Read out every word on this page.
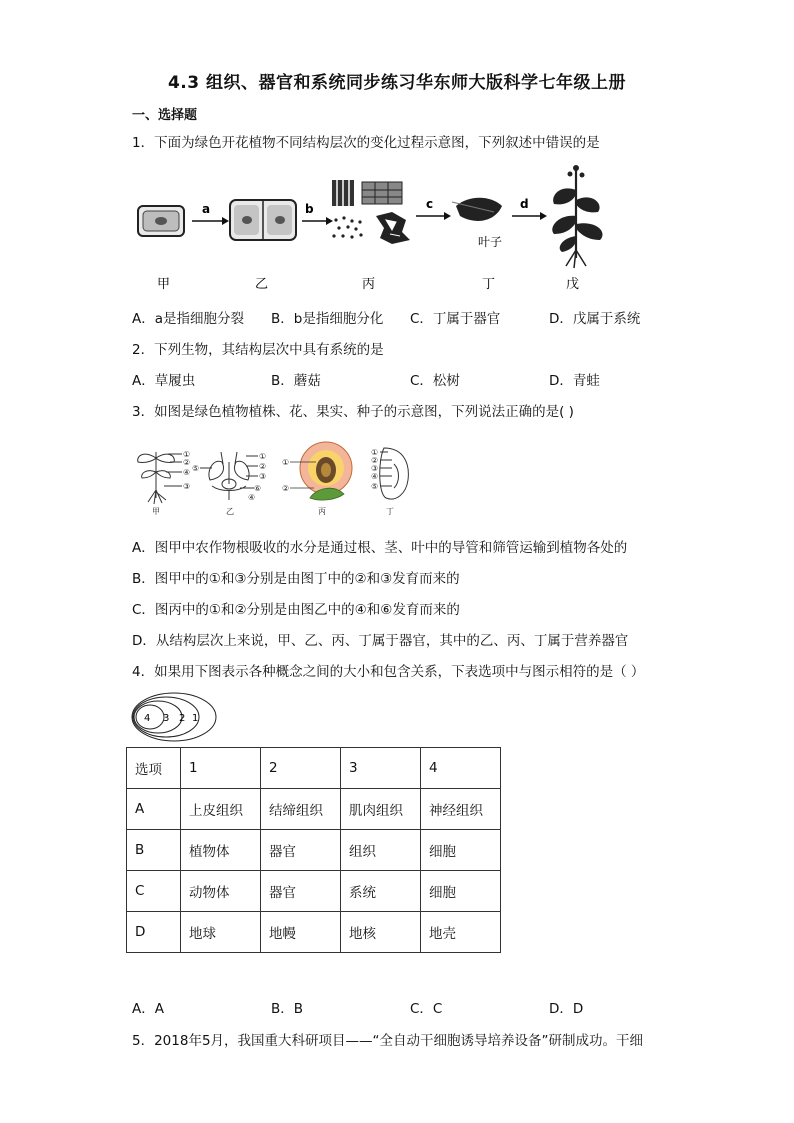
4.3 组织、器官和系统同步练习华东师大版科学七年级上册
一、选择题
1．下面为绿色开花植物不同结构层次的变化过程示意图，下列叙述中错误的是
a	b	c
叶子
d
甲	乙	丙	丁	戊
A．a是指细胞分裂 B．b是指细胞分化 C．丁属于器官	D．戊属于系统
2．下列生物，其结构层次中具有系统的是
A．草履虫	B．蘑菇	C．松树	D．青蛙
3．如图是绿色植物植株、花、果实、种子的示意图，下列说法正确的是( )
①
②
④
③
⑤
①
②
③
⑥
④
①
②
①
②
③
④
⑤
甲	乙	丙	丁
A．图甲中农作物根吸收的水分是通过根、茎、叶中的导管和筛管运输到植物各处的
B．图甲中的①和③分别是由图丁中的②和③发育而来的
C．图丙中的①和②分别是由图乙中的④和⑥发育而来的
D．从结构层次上来说，甲、乙、丙、丁属于器官，其中的乙、丙、丁属于营养器官
4．如果用下图表示各种概念之间的大小和包含关系，下表选项中与图示相符的是（ ）
4 3 2 1
选项	1	2	3	4
A	上皮组织	结缔组织	肌肉组织	神经组织
B	植物体	器官	组织	细胞
C	动物体	器官	系统	细胞
D	地球	地幔	地核	地壳
A．A	B．B	C．C	D．D
5．2018年5月，我国重大科研项目——“全自动干细胞诱导培养设备”研制成功。干细
